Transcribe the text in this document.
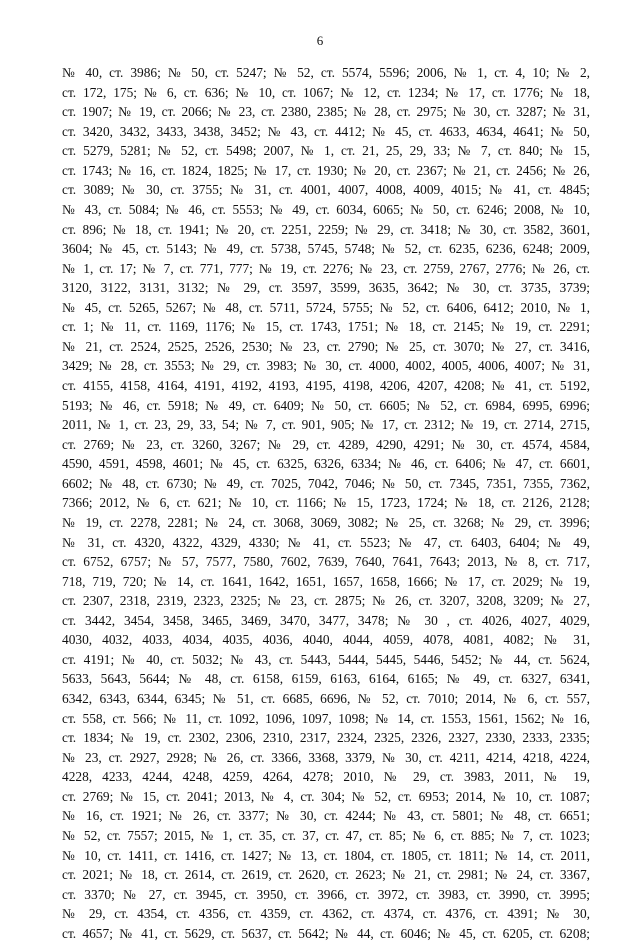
6
№ 40, ст. 3986; № 50, ст. 5247; № 52, ст. 5574, 5596; 2006, № 1, ст. 4, 10; № 2,
ст. 172, 175; № 6, ст. 636; № 10, ст. 1067; № 12, ст. 1234; № 17, ст. 1776; № 18,
ст. 1907; № 19, ст. 2066; № 23, ст. 2380, 2385; № 28, ст. 2975; № 30, ст. 3287; № 31,
ст. 3420, 3432, 3433, 3438, 3452; № 43, ст. 4412; № 45, ст. 4633, 4634, 4641; № 50,
ст. 5279, 5281; № 52, ст. 5498; 2007, № 1, ст. 21, 25, 29, 33; № 7, ст. 840; № 15,
ст. 1743; № 16, ст. 1824, 1825; № 17, ст. 1930; № 20, ст. 2367; № 21, ст. 2456; № 26,
ст. 3089; № 30, ст. 3755; № 31, ст. 4001, 4007, 4008, 4009, 4015; № 41, ст. 4845;
№ 43, ст. 5084; № 46, ст. 5553; № 49, ст. 6034, 6065; № 50, ст. 6246; 2008, № 10,
ст. 896; № 18, ст. 1941; № 20, ст. 2251, 2259; № 29, ст. 3418; № 30, ст. 3582, 3601,
3604; № 45, ст. 5143; № 49, ст. 5738, 5745, 5748; № 52, ст. 6235, 6236, 6248; 2009,
№ 1, ст. 17; № 7, ст. 771, 777; № 19, ст. 2276; № 23, ст. 2759, 2767, 2776; № 26, ст.
3120, 3122, 3131, 3132; № 29, ст. 3597, 3599, 3635, 3642; № 30, ст. 3735, 3739;
№ 45, ст. 5265, 5267; № 48, ст. 5711, 5724, 5755; № 52, ст. 6406, 6412; 2010, № 1,
ст. 1; № 11, ст. 1169, 1176; № 15, ст. 1743, 1751; № 18, ст. 2145; № 19, ст. 2291;
№ 21, ст. 2524, 2525, 2526, 2530; № 23, ст. 2790; № 25, ст. 3070; № 27, ст. 3416,
3429; № 28, ст. 3553; № 29, ст. 3983; № 30, ст. 4000, 4002, 4005, 4006, 4007; № 31,
ст. 4155, 4158, 4164, 4191, 4192, 4193, 4195, 4198, 4206, 4207, 4208; № 41, ст. 5192,
5193; № 46, ст. 5918; № 49, ст. 6409; № 50, ст. 6605; № 52, ст. 6984, 6995, 6996;
2011, № 1, ст. 23, 29, 33, 54; № 7, ст. 901, 905; № 17, ст. 2312; № 19, ст. 2714, 2715,
ст. 2769; № 23, ст. 3260, 3267; № 29, ст. 4289, 4290, 4291; № 30, ст. 4574, 4584,
4590, 4591, 4598, 4601; № 45, ст. 6325, 6326, 6334; № 46, ст. 6406; № 47, ст. 6601,
6602; № 48, ст. 6730; № 49, ст. 7025, 7042, 7046; № 50, ст. 7345, 7351, 7355, 7362,
7366; 2012, № 6, ст. 621; № 10, ст. 1166; № 15, 1723, 1724; № 18, ст. 2126, 2128;
№ 19, ст. 2278, 2281; № 24, ст. 3068, 3069, 3082; № 25, ст. 3268; № 29, ст. 3996;
№ 31, ст. 4320, 4322, 4329, 4330; № 41, ст. 5523; № 47, ст. 6403, 6404; № 49,
ст. 6752, 6757; № 57, 7577, 7580, 7602, 7639, 7640, 7641, 7643; 2013, № 8, ст. 717,
718, 719, 720; № 14, ст. 1641, 1642, 1651, 1657, 1658, 1666; № 17, ст. 2029; № 19,
ст. 2307, 2318, 2319, 2323, 2325; № 23, ст. 2875; № 26, ст. 3207, 3208, 3209; № 27,
ст. 3442, 3454, 3458, 3465, 3469, 3470, 3477, 3478; № 30 , ст. 4026, 4027, 4029,
4030, 4032, 4033, 4034, 4035, 4036, 4040, 4044, 4059, 4078, 4081, 4082; № 31,
ст. 4191; № 40, ст. 5032; № 43, ст. 5443, 5444, 5445, 5446, 5452; № 44, ст. 5624,
5633, 5643, 5644; № 48, ст. 6158, 6159, 6163, 6164, 6165; № 49, ст. 6327, 6341,
6342, 6343, 6344, 6345; № 51, ст. 6685, 6696, № 52, ст. 7010; 2014, № 6, ст. 557,
ст. 558, ст. 566; № 11, ст. 1092, 1096, 1097, 1098; № 14, ст. 1553, 1561, 1562; № 16,
ст. 1834; № 19, ст. 2302, 2306, 2310, 2317, 2324, 2325, 2326, 2327, 2330, 2333, 2335;
№ 23, ст. 2927, 2928; № 26, ст. 3366, 3368, 3379, № 30, ст. 4211, 4214, 4218, 4224,
4228, 4233, 4244, 4248, 4259, 4264, 4278; 2010, № 29, ст. 3983, 2011, № 19,
ст. 2769; № 15, ст. 2041; 2013, № 4, ст. 304; № 52, ст. 6953; 2014, № 10, ст. 1087;
№ 16, ст. 1921; № 26, ст. 3377; № 30, ст. 4244; № 43, ст. 5801; № 48, ст. 6651;
№ 52, ст. 7557; 2015, № 1, ст. 35, ст. 37, ст. 47, ст. 85; № 6, ст. 885; № 7, ст. 1023;
№ 10, ст. 1411, ст. 1416, ст. 1427; № 13, ст. 1804, ст. 1805, ст. 1811; № 14, ст. 2011,
ст. 2021; № 18, ст. 2614, ст. 2619, ст. 2620, ст. 2623; № 21, ст. 2981; № 24, ст. 3367,
ст. 3370; № 27, ст. 3945, ст. 3950, ст. 3966, ст. 3972, ст. 3983, ст. 3990, ст. 3995;
№ 29, ст. 4354, ст. 4356, ст. 4359, ст. 4362, ст. 4374, ст. 4376, ст. 4391; № 30,
ст. 4657; № 41, ст. 5629, ст. 5637, ст. 5642; № 44, ст. 6046; № 45, ст. 6205, ст. 6208;
